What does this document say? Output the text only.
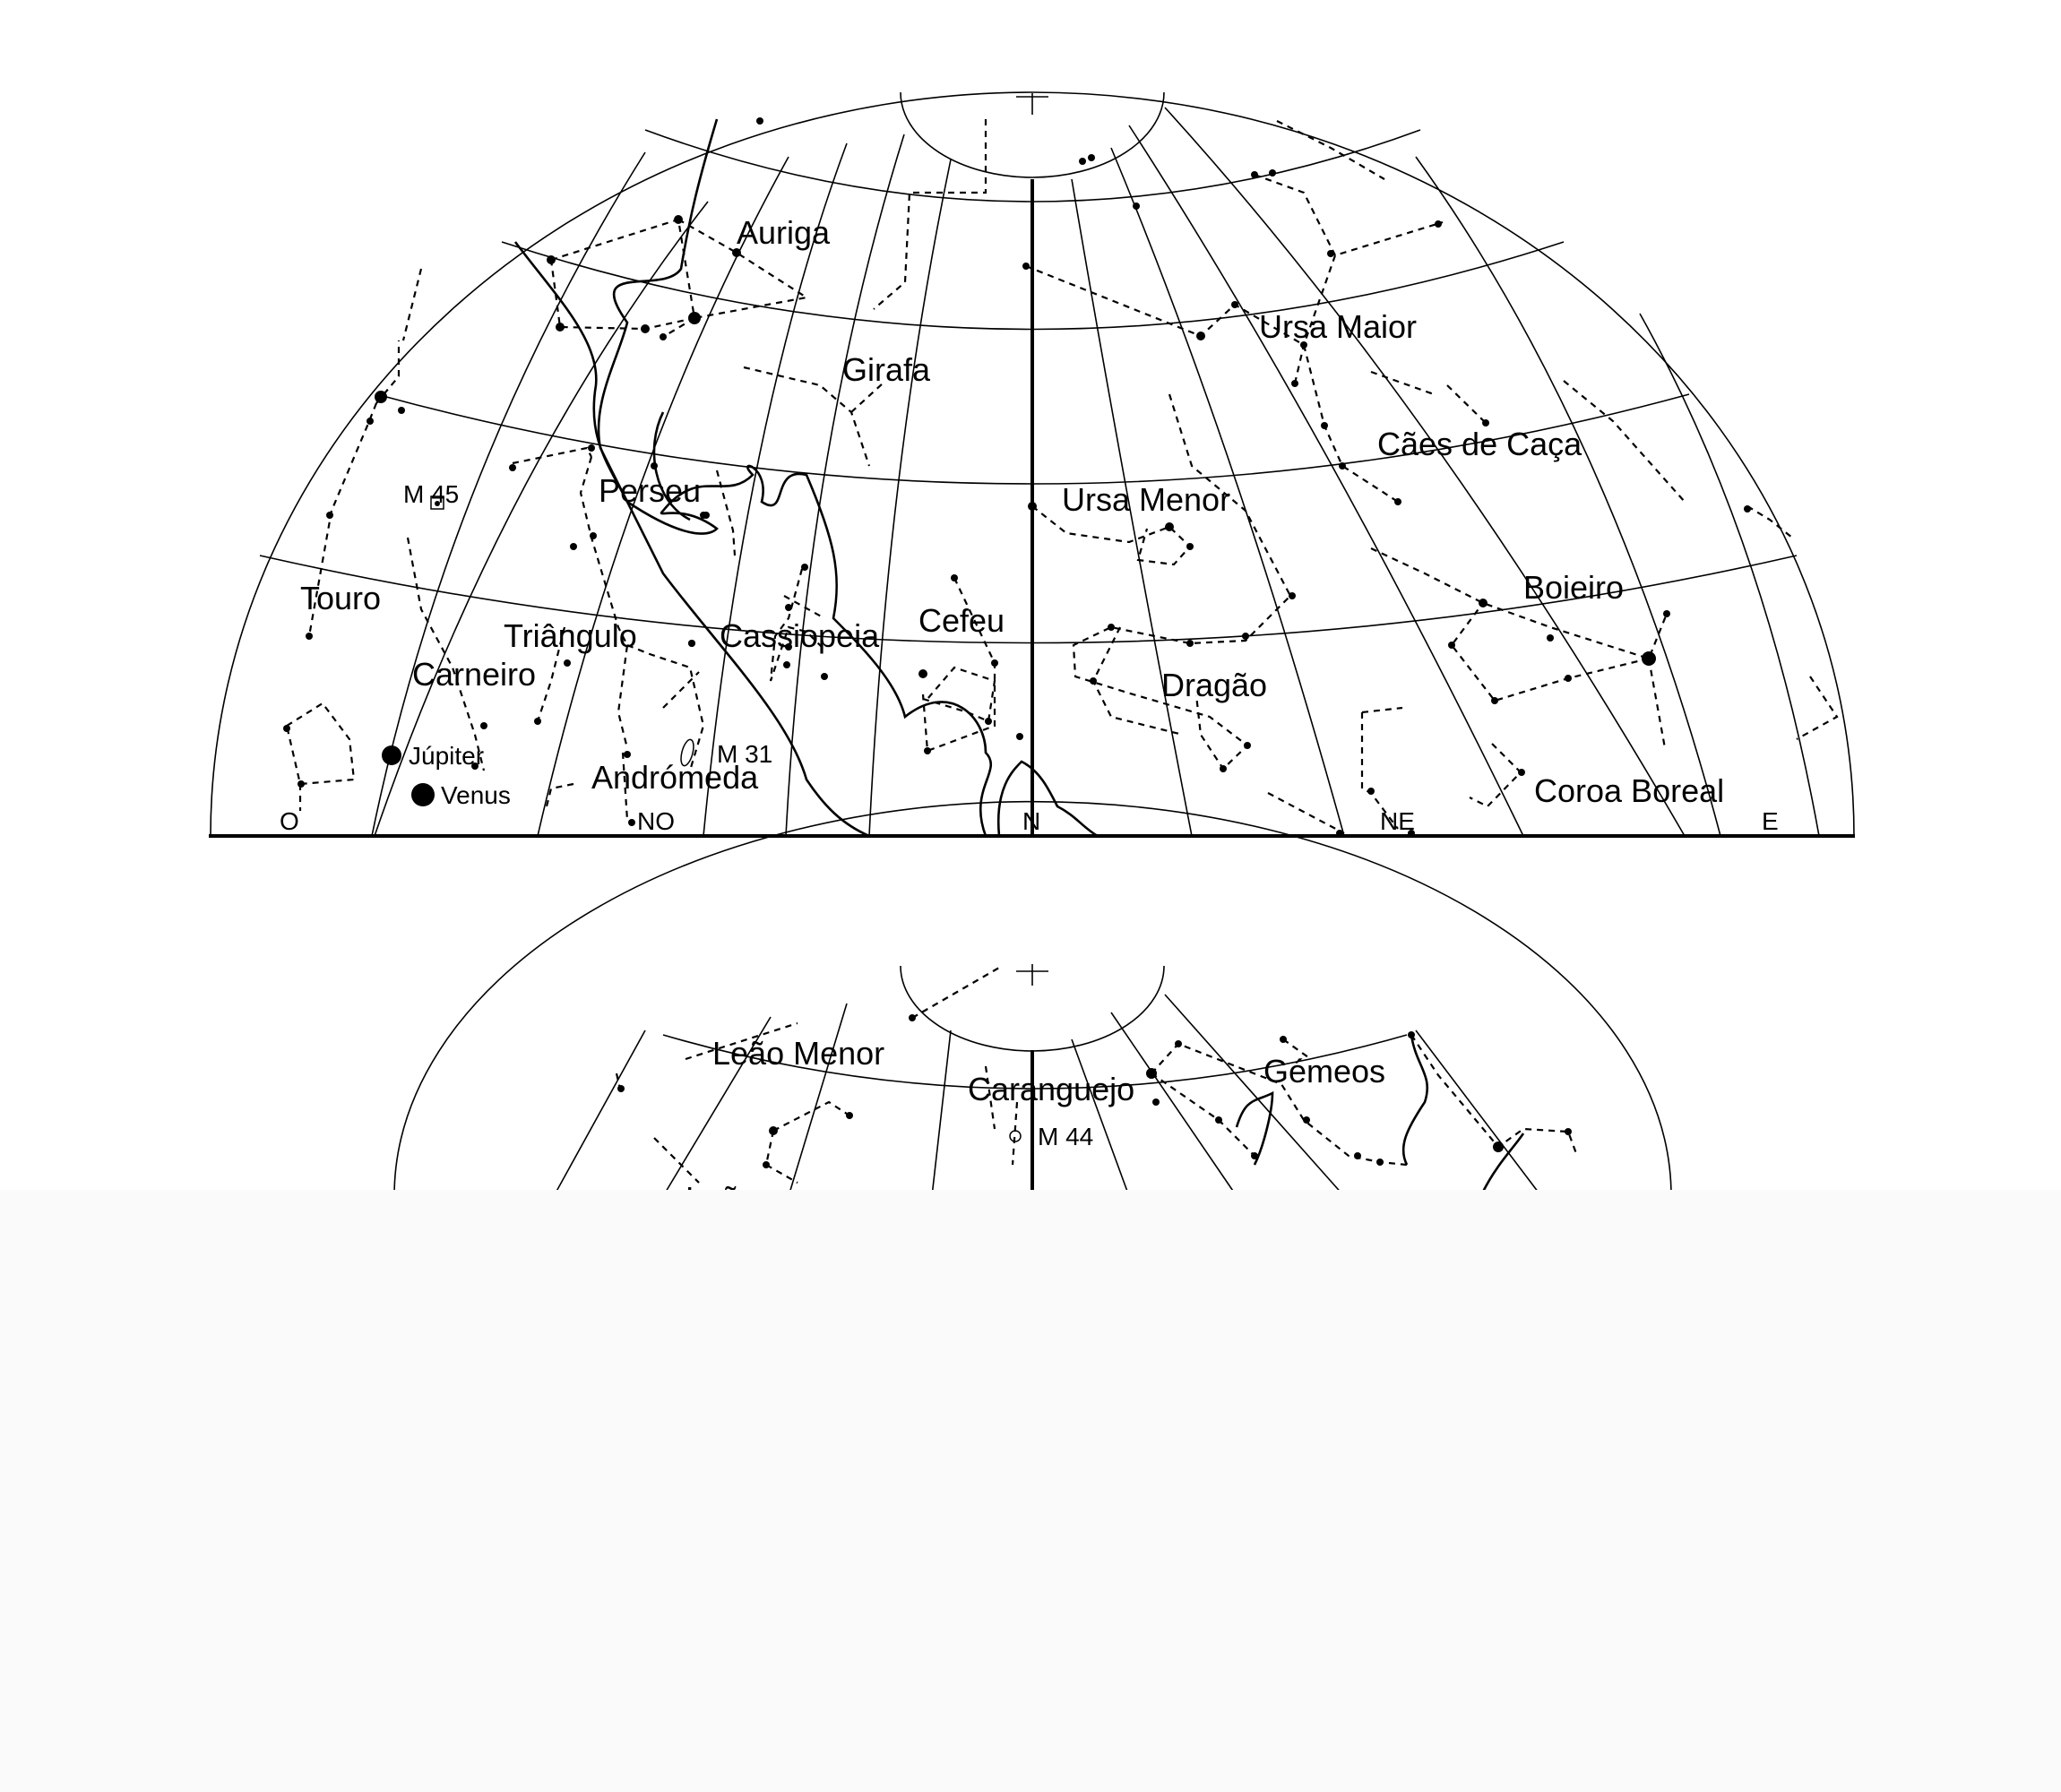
Auriga
Girafa
Ursa Maior
Cães de Caça
Perseu	Ursa Menor
Boieiro
Touro
Triângulo	Cassiopeia Cefeu
Carneiro	Dragão
Andrómeda	Coroa Boreal
M 45
M 31
Júpiter
Venus
O	NO	N	NE	E
Leão Menor
Caranguejo	Gémeos
M 44
